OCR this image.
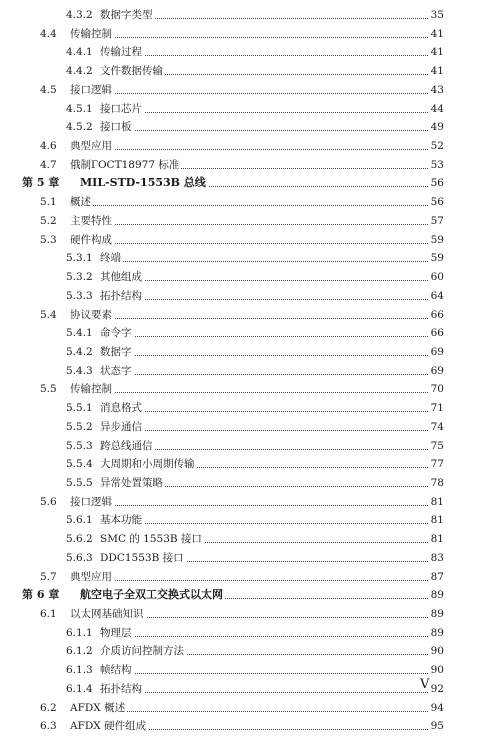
4.3.2 数据字类型	35
4.4 传输控制	41
4.4.1 传输过程	41
4.4.2 文件数据传输	41
4.5 接口逻辑	43
4.5.1 接口芯片	44
4.5.2 接口板	49
4.6 典型应用	52
4.7 俄制ГОСТ18977 标准	53
第 5 章 MIL-STD-1553B 总线	56
5.1 概述	56
5.2 主要特性	57
5.3 硬件构成	59
5.3.1 终端	59
5.3.2 其他组成	60
5.3.3 拓扑结构	64
5.4 协议要素	66
5.4.1 命令字	66
5.4.2 数据字	69
5.4.3 状态字	69
5.5 传输控制	70
5.5.1 消息格式	71
5.5.2 异步通信	74
5.5.3 跨总线通信	75
5.5.4 大周期和小周期传输	77
5.5.5 异常处置策略	78
5.6 接口逻辑	81
5.6.1 基本功能	81
5.6.2 SMC 的 1553B 接口	81
5.6.3 DDC1553B 接口	83
5.7 典型应用	87
第 6 章 航空电子全双工交换式以太网	89
6.1 以太网基础知识	89
6.1.1 物理层	89
6.1.2 介质访问控制方法	90
6.1.3 帧结构	90
6.1.4 拓扑结构	92
6.2 AFDX 概述	94
6.3 AFDX 硬件组成	95
V
